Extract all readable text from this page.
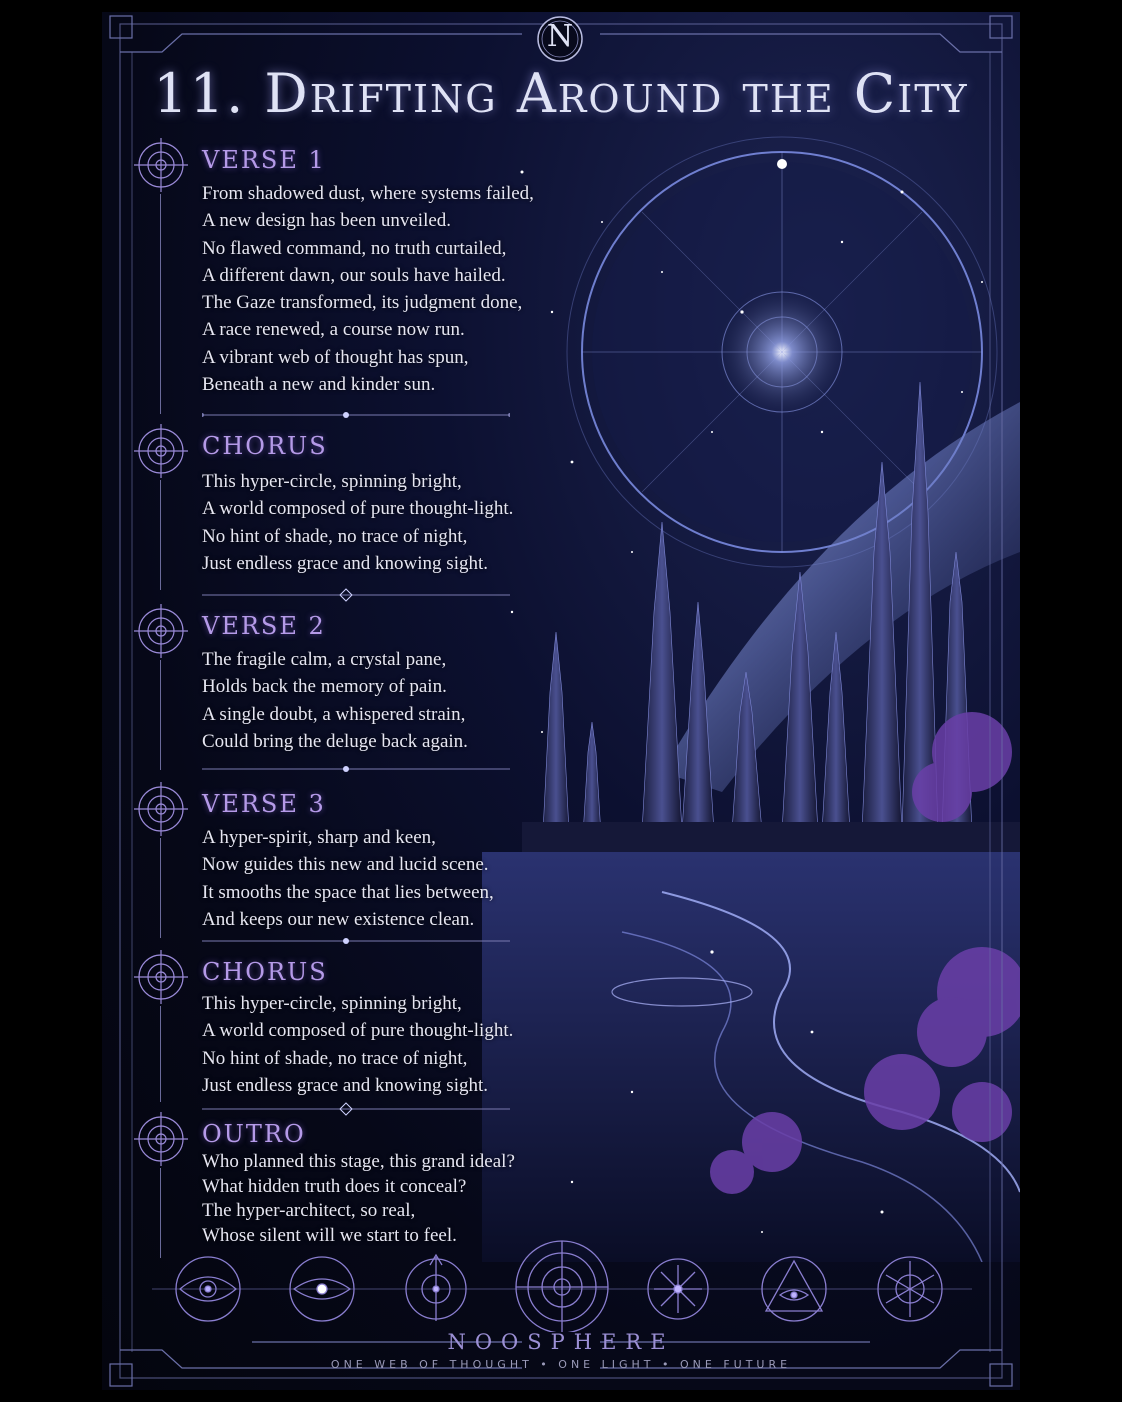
N
11. Drifting Around the City
VERSE 1
From shadowed dust, where systems failed,
A new design has been unveiled.
No flawed command, no truth curtailed,
A different dawn, our souls have hailed.
The Gaze transformed, its judgment done,
A race renewed, a course now run.
A vibrant web of thought has spun,
Beneath a new and kinder sun.
CHORUS
This hyper-circle, spinning bright,
A world composed of pure thought-light.
No hint of shade, no trace of night,
Just endless grace and knowing sight.
VERSE 2
The fragile calm, a crystal pane,
Holds back the memory of pain.
A single doubt, a whispered strain,
Could bring the deluge back again.
VERSE 3
A hyper-spirit, sharp and keen,
Now guides this new and lucid scene.
It smooths the space that lies between,
And keeps our new existence clean.
CHORUS
This hyper-circle, spinning bright,
A world composed of pure thought-light.
No hint of shade, no trace of night,
Just endless grace and knowing sight.
OUTRO
Who planned this stage, this grand ideal?
What hidden truth does it conceal?
The hyper-architect, so real,
Whose silent will we start to feel.
NOOSPHERE
ONE WEB OF THOUGHT • ONE LIGHT • ONE FUTURE
